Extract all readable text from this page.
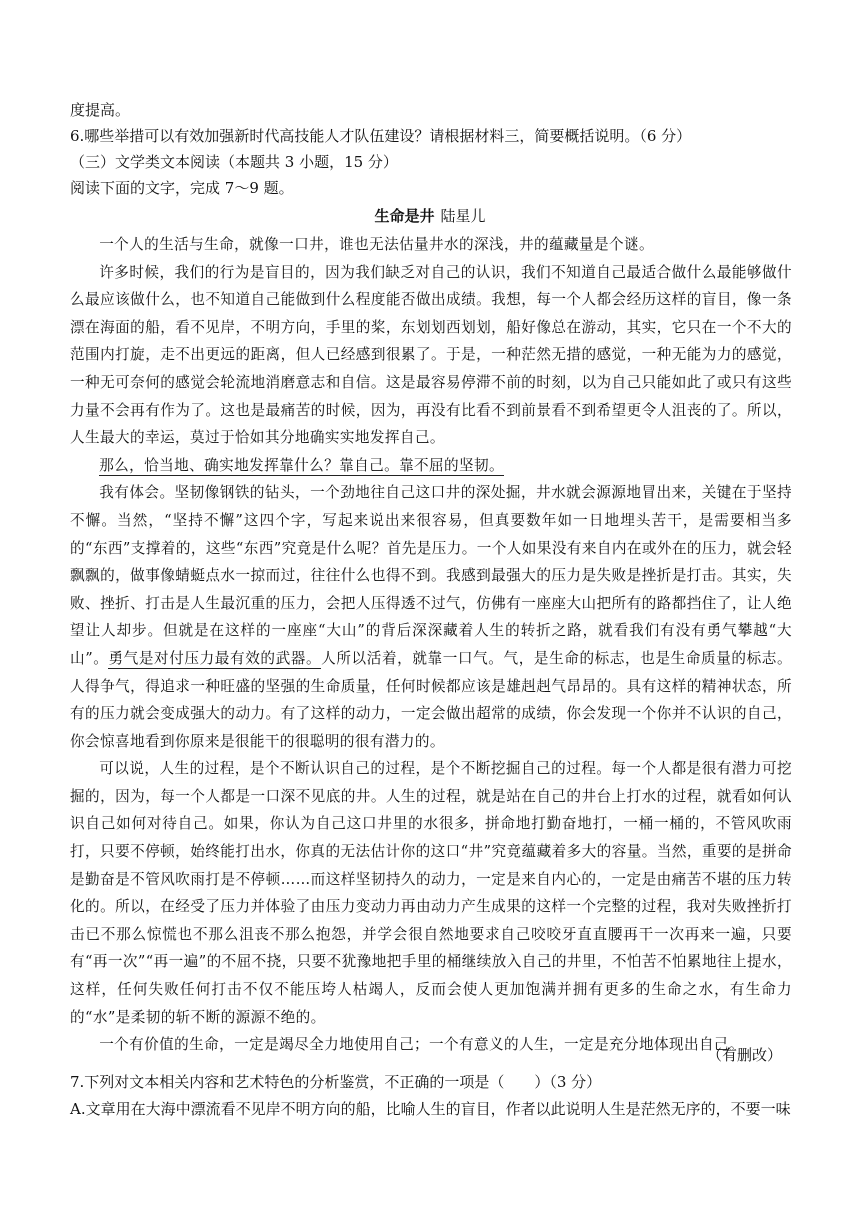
度提高。
6.哪些举措可以有效加强新时代高技能人才队伍建设？请根据材料三，简要概括说明。（6 分）
（三）文学类文本阅读（本题共 3 小题，15 分）
阅读下面的文字，完成 7～9 题。
生命是井 陆星儿

一个人的生活与生命，就像一口井，谁也无法估量井水的深浅，井的蕴藏量是个谜。

许多时候，我们的行为是盲目的，因为我们缺乏对自己的认识，我们不知道自己最适合做什么最能够做什么最应该做什么，也不知道自己能做到什么程度能否做出成绩。我想，每一个人都会经历这样的盲目，像一条漂在海面的船，看不见岸，不明方向，手里的桨，东划划西划划，船好像总在游动，其实，它只在一个不大的范围内打旋，走不出更远的距离，但人已经感到很累了。于是，一种茫然无措的感觉，一种无能为力的感觉，一种无可奈何的感觉会轮流地消磨意志和自信。这是最容易停滞不前的时刻，以为自己只能如此了或只有这些力量不会再有作为了。这也是最痛苦的时候，因为，再没有比看不到前景看不到希望更令人沮丧的了。所以，人生最大的幸运，莫过于恰如其分地确实实地发挥自己。

那么，恰当地、确实地发挥靠什么？靠自己。靠不屈的坚韧。

我有体会。坚韧像钢铁的钻头，一个劲地往自己这口井的深处掘，井水就会源源地冒出来，关键在于坚持不懈。当然，“坚持不懈”这四个字，写起来说出来很容易，但真要数年如一日地埋头苦干，是需要相当多的“东西”支撑着的，这些“东西”究竟是什么呢？首先是压力。一个人如果没有来自内在或外在的压力，就会轻飘飘的，做事像蜻蜓点水一掠而过，往往什么也得不到。我感到最强大的压力是失败是挫折是打击。其实，失败、挫折、打击是人生最沉重的压力，会把人压得透不过气，仿佛有一座座大山把所有的路都挡住了，让人绝望让人却步。但就是在这样的一座座“大山”的背后深深藏着人生的转折之路，就看我们有没有勇气攀越“大山”。勇气是对付压力最有效的武器。人所以活着，就靠一口气。气，是生命的标志，也是生命质量的标志。人得争气，得追求一种旺盛的坚强的生命质量，任何时候都应该是雄赳赳气昂昂的。具有这样的精神状态，所有的压力就会变成强大的动力。有了这样的动力，一定会做出超常的成绩，你会发现一个你并不认识的自己，你会惊喜地看到你原来是很能干的很聪明的很有潜力的。

可以说，人生的过程，是个不断认识自己的过程，是个不断挖掘自己的过程。每一个人都是很有潜力可挖掘的，因为，每一个人都是一口深不见底的井。人生的过程，就是站在自己的井台上打水的过程，就看如何认识自己如何对待自己。如果，你认为自己这口井里的水很多，拼命地打勤奋地打，一桶一桶的，不管风吹雨打，只要不停顿，始终能打出水，你真的无法估计你的这口“井”究竟蕴藏着多大的容量。当然，重要的是拼命是勤奋是不管风吹雨打是不停顿……而这样坚韧持久的动力，一定是来自内心的，一定是由痛苦不堪的压力转化的。所以，在经受了压力并体验了由压力变动力再由动力产生成果的这样一个完整的过程，我对失败挫折打击已不那么惊慌也不那么沮丧不那么抱怨，并学会很自然地要求自己咬咬牙直直腰再干一次再来一遍，只要有“再一次”“再一遍”的不屈不挠，只要不犹豫地把手里的桶继续放入自己的井里，不怕苦不怕累地往上提水，这样，任何失败任何打击不仅不能压垮人枯竭人，反而会使人更加饱满并拥有更多的生命之水，有生命力的“水”是柔韧的斩不断的源源不绝的。

一个有价值的生命，一定是竭尽全力地使用自己；一个有意义的人生，一定是充分地体现出自己。

（有删改）
7.下列对文本相关内容和艺术特色的分析鉴赏，不正确的一项是（　　）（3 分）
A.文章用在大海中漂流看不见岸不明方向的船，比喻人生的盲目，作者以此说明人生是茫然无序的，不要一味
